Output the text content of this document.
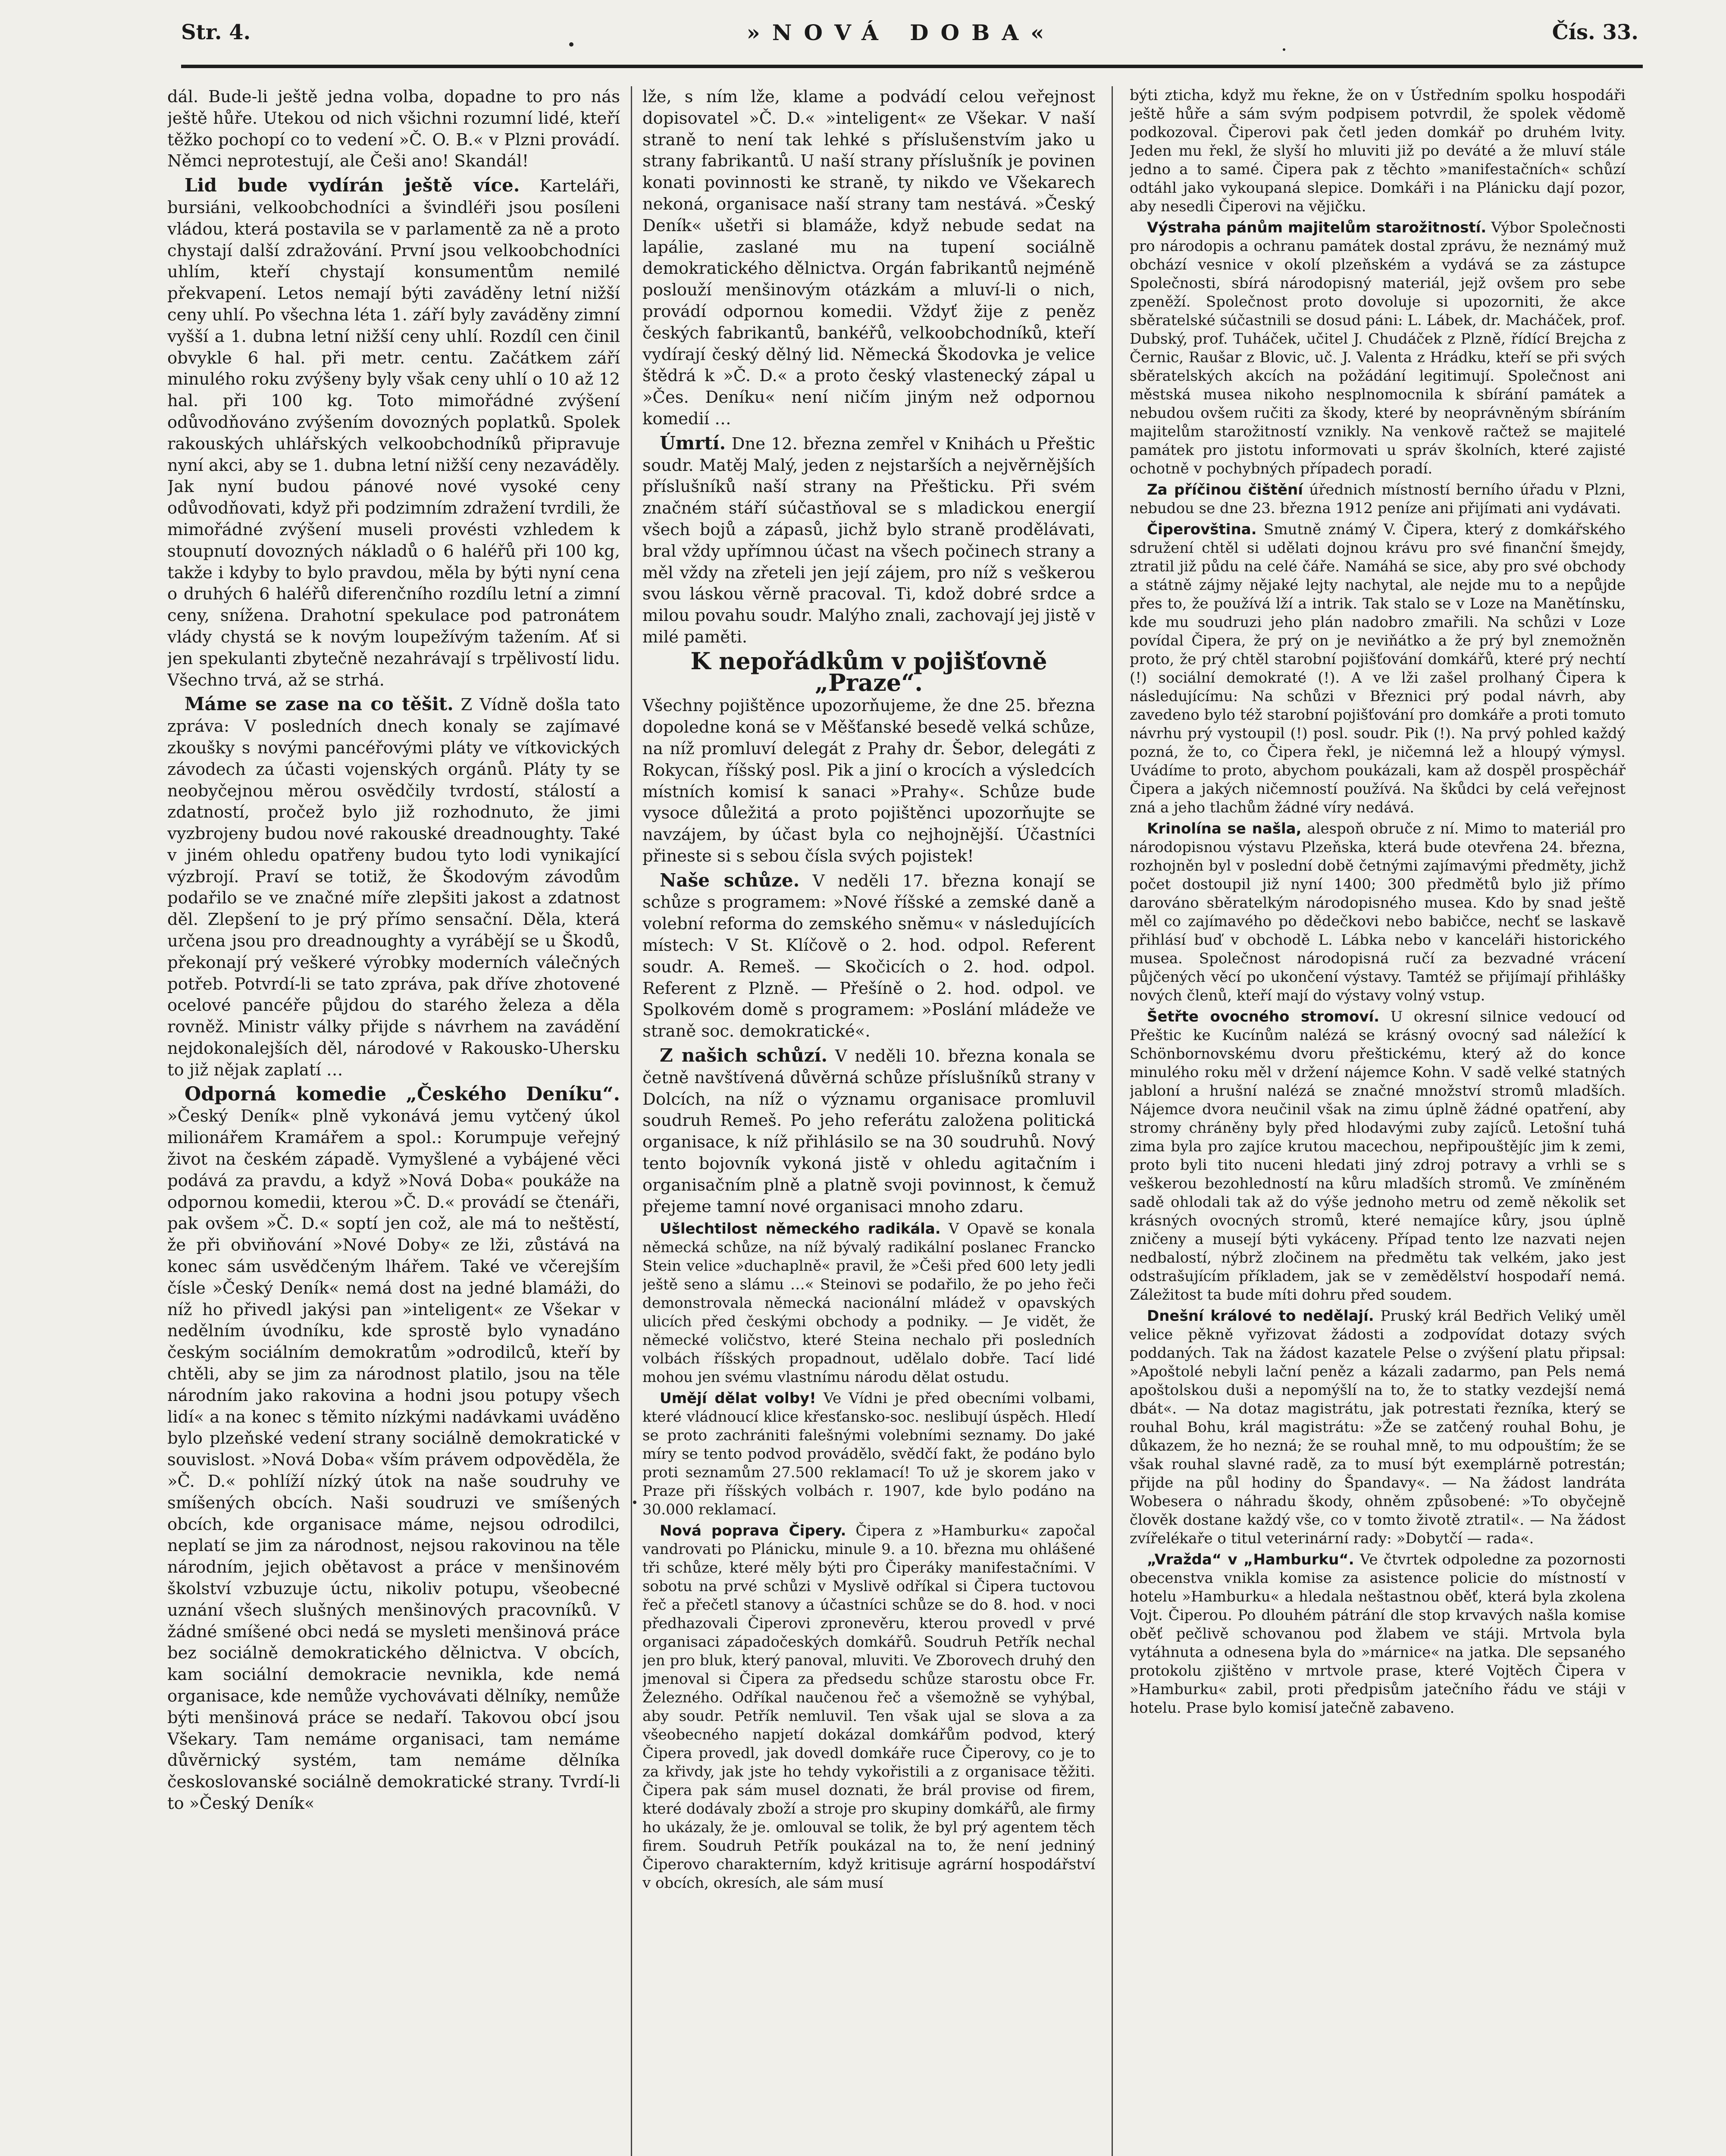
Str. 4.	»NOVÁ DOBA«	Čís. 33.

dál. Bude-li ještě jedna volba, dopadne to pro nás ještě hůře. Utekou od nich všichni rozumní lidé, kteří těžko pochopí co to vedení »Č. O. B.« v Plzni provádí. Němci neprotestují, ale Češi ano! Skandál!

Lid bude vydírán ještě více. Karteláři, bursiáni, velkoobchodníci a švindléři jsou posíleni vládou, která postavila se v parlamentě za ně a proto chystají další zdražování. První jsou velkoobchodníci uhlím, kteří chystají konsumentům nemilé překvapení. Letos nemají býti zaváděny letní nižší ceny uhlí. Po všechna léta 1. září byly zaváděny zimní vyšší a 1. dubna letní nižší ceny uhlí. Rozdíl cen činil obvykle 6 hal. při metr. centu. Začátkem září minulého roku zvýšeny byly však ceny uhlí o 10 až 12 hal. při 100 kg. Toto mimořádné zvýšení odůvodňováno zvýšením dovozných poplatků. Spolek rakouských uhlářských velkoobchodníků připravuje nyní akci, aby se 1. dubna letní nižší ceny nezaváděly. Jak nyní budou pánové nové vysoké ceny odůvodňovati, když při podzimním zdražení tvrdili, že mimořádné zvýšení museli provésti vzhledem k stoupnutí dovozných nákladů o 6 haléřů při 100 kg, takže i kdyby to bylo pravdou, měla by býti nyní cena o druhých 6 haléřů diferenčního rozdílu letní a zimní ceny, snížena. Drahotní spekulace pod patronátem vlády chystá se k novým loupežívým tažením. Ať si jen spekulanti zbytečně nezahrávají s trpělivostí lidu. Všechno trvá, až se strhá.

Máme se zase na co těšit. Z Vídně došla tato zpráva: V posledních dnech konaly se zajímavé zkoušky s novými pancéřovými pláty ve vítkovických závodech za účasti vojenských orgánů. Pláty ty se neobyčejnou měrou osvědčily tvrdostí, stálostí a zdatností, pročež bylo již rozhodnuto, že jimi vyzbrojeny budou nové rakouské dreadnoughty. Také v jiném ohledu opatřeny budou tyto lodi vynikající výzbrojí. Praví se totiž, že Škodovým závodům podařilo se ve značné míře zlepšiti jakost a zdatnost děl. Zlepšení to je prý přímo sensační. Děla, která určena jsou pro dreadnoughty a vyrábějí se u Škodů, překonají prý veškeré výrobky moderních válečných potřeb. Potvrdí-li se tato zpráva, pak dříve zhotovené ocelové pancéře půjdou do starého železa a děla rovněž. Ministr války přijde s návrhem na zavádění nejdokonalejších děl, národové v Rakousko-Uhersku to již nějak zaplatí …

Odporná komedie „Českého Deníku“. »Český Deník« plně vykonává jemu vytčený úkol milionářem Kramářem a spol.: Korumpuje veřejný život na českém západě. Vymyšlené a vybájené věci podává za pravdu, a když »Nová Doba« poukáže na odpornou komedii, kterou »Č. D.« provádí se čtenáři, pak ovšem »Č. D.« soptí jen což, ale má to neštěstí, že při obviňování »Nové Doby« ze lži, zůstává na konec sám usvědčeným lhářem. Také ve včerejším čísle »Český Deník« nemá dost na jedné blamáži, do níž ho přivedl jakýsi pan »inteligent« ze Všekar v nedělním úvodníku, kde sprostě bylo vynadáno českým sociálním demokratům »odrodilců, kteří by chtěli, aby se jim za národnost platilo, jsou na těle národním jako rakovina a hodni jsou potupy všech lidí« a na konec s těmito nízkými nadávkami uváděno bylo plzeňské vedení strany sociálně demokratické v souvislost. »Nová Doba« vším právem odpověděla, že »Č. D.« pohlíží nízký útok na naše soudruhy ve smíšených obcích. Naši soudruzi ve smíšených obcích, kde organisace máme, nejsou odrodilci, neplatí se jim za národnost, nejsou rakovinou na těle národním, jejich obětavost a práce v menšinovém školství vzbuzuje úctu, nikoliv potupu, všeobecné uznání všech slušných menšinových pracovníků. V žádné smíšené obci nedá se mysleti menšinová práce bez sociálně demokratického dělnictva. V obcích, kam sociální demokracie nevnikla, kde nemá organisace, kde nemůže vychovávati dělníky, nemůže býti menšinová práce se nedaří. Takovou obcí jsou Všekary. Tam nemáme organisaci, tam nemáme důvěrnický systém, tam nemáme dělníka českoslovanské sociálně demokratické strany. Tvrdí-li to »Český Deník«

lže, s ním lže, klame a podvádí celou veřejnost dopisovatel »Č. D.« »inteligent« ze Všekar. V naší straně to není tak lehké s příslušenstvím jako u strany fabrikantů. U naší strany příslušník je povinen konati povinnosti ke straně, ty nikdo ve Všekarech nekoná, organisace naší strany tam nestává. »Český Deník« ušetři si blamáže, když nebude sedat na lapálie, zaslané mu na tupení sociálně demokratického dělnictva. Orgán fabrikantů nejméně poslouží menšinovým otázkám a mluví-li o nich, provádí odpornou komedii. Vždyť žije z peněz českých fabrikantů, bankéřů, velkoobchodníků, kteří vydírají český dělný lid. Německá Škodovka je velice štědrá k »Č. D.« a proto český vlastenecký zápal u »Čes. Deníku« není ničím jiným než odpornou komedií …

Úmrtí. Dne 12. března zemřel v Knihách u Přeštic soudr. Matěj Malý, jeden z nejstarších a nejvěrnějších příslušníků naší strany na Přešticku. Při svém značném stáří súčastňoval se s mladickou energií všech bojů a zápasů, jichž bylo straně prodělávati, bral vždy upřímnou účast na všech počinech strany a měl vždy na zřeteli jen její zájem, pro níž s veškerou svou láskou věrně pracoval. Ti, kdož dobré srdce a milou povahu soudr. Malýho znali, zachovají jej jistě v milé paměti.

K nepořádkům v pojišťovně „Praze“.

Všechny pojištěnce upozorňujeme, že dne 25. března dopoledne koná se v Měšťanské besedě velká schůze, na níž promluví delegát z Prahy dr. Šebor, delegáti z Rokycan, říšský posl. Pik a jiní o krocích a výsledcích místních komisí k sanaci »Prahy«. Schůze bude vysoce důležitá a proto pojištěnci upozorňujte se navzájem, by účast byla co nejhojnější. Účastníci přineste si s sebou čísla svých pojistek!

Naše schůze. V neděli 17. března konají se schůze s programem: »Nové říšské a zemské daně a volební reforma do zemského sněmu« v následujících místech: V St. Klíčově o 2. hod. odpol. Referent soudr. A. Remeš. — Skočicích o 2. hod. odpol. Referent z Plzně. — Přešíně o 2. hod. odpol. ve Spolkovém domě s programem: »Poslání mládeže ve straně soc. demokratické«.

Z našich schůzí. V neděli 10. března konala se četně navštívená důvěrná schůze příslušníků strany v Dolcích, na níž o významu organisace promluvil soudruh Remeš. Po jeho referátu založena politická organisace, k níž přihlásilo se na 30 soudruhů. Nový tento bojovník vykoná jistě v ohledu agitačním i organisačním plně a platně svoji povinnost, k čemuž přejeme tamní nové organisaci mnoho zdaru.

Ušlechtilost německého radikála. V Opavě se konala německá schůze, na níž bývalý radikální poslanec Francko Stein velice »duchaplně« pravil, že »Češi před 600 lety jedli ještě seno a slámu …« Steinovi se podařilo, že po jeho řeči demonstrovala německá nacionální mládež v opavských ulicích před českými obchody a podniky. — Je vidět, že německé voličstvo, které Steina nechalo při posledních volbách říšských propadnout, udělalo dobře. Tací lidé mohou jen svému vlastnímu národu dělat ostudu.

Umějí dělat volby! Ve Vídni je před obecními volbami, které vládnoucí klice křesťansko-soc. neslibují úspěch. Hledí se proto zachrániti falešnými volebními seznamy. Do jaké míry se tento podvod provádělo, svědčí fakt, že podáno bylo proti seznamům 27.500 reklamací! To už je skorem jako v Praze při říšských volbách r. 1907, kde bylo podáno na 30.000 reklamací.

Nová poprava Čipery. Čipera z »Hamburku« započal vandrovati po Plánicku, minule 9. a 10. března mu ohlášené tři schůze, které měly býti pro Čiperáky manifestačními. V sobotu na prvé schůzi v Myslivě odříkal si Čipera tuctovou řeč a přečetl stanovy a účastníci schůze se do 8. hod. v noci předhazovali Čiperovi zpronevěru, kterou provedl v prvé organisaci západočeských domkářů. Soudruh Petřík nechal jen pro bluk, který panoval, mluviti. Ve Zborovech druhý den jmenoval si Čipera za předsedu schůze starostu obce Fr. Železného. Odříkal naučenou řeč a všemožně se vyhýbal, aby soudr. Petřík nemluvil. Ten však ujal se slova a za všeobecného napjetí dokázal domkářům podvod, který Čipera provedl, jak dovedl domkáře ruce Čiperovy, co je to za křivdy, jak jste ho tehdy vykořistili a z organisace těžiti. Čipera pak sám musel doznati, že brál provise od firem, které dodávaly zboží a stroje pro skupiny domkářů, ale firmy ho ukázaly, že je. omlouval se tolik, že byl prý agentem těch firem. Soudruh Petřík poukázal na to, že není jedniný Čiperovo charakterním, když kritisuje agrární hospodářství v obcích, okresích, ale sám musí

býti zticha, když mu řekne, že on v Ústředním spolku hospodáři ještě hůře a sám svým podpisem potvrdil, že spolek vědomě podkozoval. Čiperovi pak četl jeden domkář po druhém lvity. Jeden mu řekl, že slyší ho mluviti již po deváté a že mluví stále jedno a to samé. Čipera pak z těchto »manifestačních« schůzí odtáhl jako vykoupaná slepice. Domkáři i na Plánicku dají pozor, aby nesedli Čiperovi na vějičku.

Výstraha pánům majitelům starožitností. Výbor Společnosti pro národopis a ochranu památek dostal zprávu, že neznámý muž obchází vesnice v okolí plzeňském a vydává se za zástupce Společnosti, sbírá národopisný materiál, jejž ovšem pro sebe zpeněží. Společnost proto dovoluje si upozorniti, že akce sběratelské súčastnili se dosud páni: L. Lábek, dr. Macháček, prof. Dubský, prof. Tuháček, učitel J. Chudáček z Plzně, řídící Brejcha z Černic, Raušar z Blovic, uč. J. Valenta z Hrádku, kteří se při svých sběratelských akcích na požádání legitimují. Společnost ani městská musea nikoho nesplnomocnila k sbírání památek a nebudou ovšem ručiti za škody, které by neoprávněným sbíráním majitelům starožitností vznikly. Na venkově račtež se majitelé památek pro jistotu informovati u správ školních, které zajisté ochotně v pochybných případech poradí.

Za příčinou čištění úřednich místností berního úřadu v Plzni, nebudou se dne 23. března 1912 peníze ani přijímati ani vydávati.

Čiperovština. Smutně známý V. Čipera, který z domkářského sdružení chtěl si udělati dojnou krávu pro své finanční šmejdy, ztratil již půdu na celé čáře. Namáhá se sice, aby pro své obchody a státně zájmy nějaké lejty nachytal, ale nejde mu to a nepůjde přes to, že používá lží a intrik. Tak stalo se v Loze na Manětínsku, kde mu soudruzi jeho plán nadobro zmařili. Na schůzi v Loze povídal Čipera, že prý on je neviňátko a že prý byl znemožněn proto, že prý chtěl starobní pojišťování domkářů, které prý nechtí (!) sociální demokraté (!). A ve lži zašel prolhaný Čipera k následujícímu: Na schůzi v Březnici prý podal návrh, aby zavedeno bylo též starobní pojišťování pro domkáře a proti tomuto návrhu prý vystoupil (!) posl. soudr. Pik (!). Na prvý pohled každý pozná, že to, co Čipera řekl, je ničemná lež a hloupý výmysl. Uvádíme to proto, abychom poukázali, kam až dospěl prospěchář Čipera a jakých ničemností používá. Na škůdci by celá veřejnost zná a jeho tlachům žádné víry nedává.

Krinolína se našla, alespoň obruče z ní. Mimo to materiál pro národopisnou výstavu Plzeňska, která bude otevřena 24. března, rozhojněn byl v poslední době četnými zajímavými předměty, jichž počet dostoupil již nyní 1400; 300 předmětů bylo již přímo darováno sběratelkým národopisného musea. Kdo by snad ještě měl co zajímavého po dědečkovi nebo babičce, nechť se laskavě přihlásí buď v obchodě L. Lábka nebo v kanceláři historického musea. Společnost národopisná ručí za bezvadné vrácení půjčených věcí po ukončení výstavy. Tamtéž se přijímají přihlášky nových členů, kteří mají do výstavy volný vstup.

Šetřte ovocného stromoví. U okresní silnice vedoucí od Přeštic ke Kucínům nalézá se krásný ovocný sad náležící k Schönbornovskému dvoru přeštickému, který až do konce minulého roku měl v držení nájemce Kohn. V sadě velké statných jabloní a hrušní nalézá se značné množství stromů mladších. Nájemce dvora neučinil však na zimu úplně žádné opatření, aby stromy chráněny byly před hlodavými zuby zajíců. Letošní tuhá zima byla pro zajíce krutou macechou, nepřipouštějíc jim k zemi, proto byli tito nuceni hledati jiný zdroj potravy a vrhli se s veškerou bezohledností na kůru mladších stromů. Ve zmíněném sadě ohlodali tak až do výše jednoho metru od země několik set krásných ovocných stromů, které nemajíce kůry, jsou úplně zničeny a musejí býti vykáceny. Případ tento lze nazvati nejen nedbalostí, nýbrž zločinem na předmětu tak velkém, jako jest odstrašujícím příkladem, jak se v zemědělství hospodaří nemá. Záležitost ta bude míti dohru před soudem.

Dnešní králové to nedělají. Pruský král Bedřich Veliký uměl velice pěkně vyřizovat žádosti a zodpovídat dotazy svých poddaných. Tak na žádost kazatele Pelse o zvýšení platu připsal: »Apoštolé nebyli lační peněz a kázali zadarmo, pan Pels nemá apoštolskou duši a nepomýšlí na to, že to statky vezdejší nemá dbát«. — Na dotaz magistrátu, jak potrestati řezníka, který se rouhal Bohu, král magistrátu: »Že se zatčený rouhal Bohu, je důkazem, že ho nezná; že se rouhal mně, to mu odpouštím; že se však rouhal slavné radě, za to musí být exemplárně potrestán; přijde na půl hodiny do Špandavy«. — Na žádost landráta Wobesera o náhradu škody, ohněm způsobené: »To obyčejně člověk dostane každý vše, co v tomto životě ztratil«. — Na žádost zvířelékaře o titul veterinární rady: »Dobytčí — rada«.

„Vražda“ v „Hamburku“. Ve čtvrtek odpoledne za pozornosti obecenstva vnikla komise za asistence policie do místností v hotelu »Hamburku« a hledala neštastnou oběť, která byla zkolena Vojt. Čiperou. Po dlouhém pátrání dle stop krvavých našla komise oběť pečlivě schovanou pod žlabem ve stáji. Mrtvola byla vytáhnuta a odnesena byla do »márnice« na jatka. Dle sepsaného protokolu zjištěno v mrtvole prase, které Vojtěch Čipera v »Hamburku« zabil, proti předpisům jatečního řádu ve stáji v hotelu. Prase bylo komisí jatečně zabaveno.
